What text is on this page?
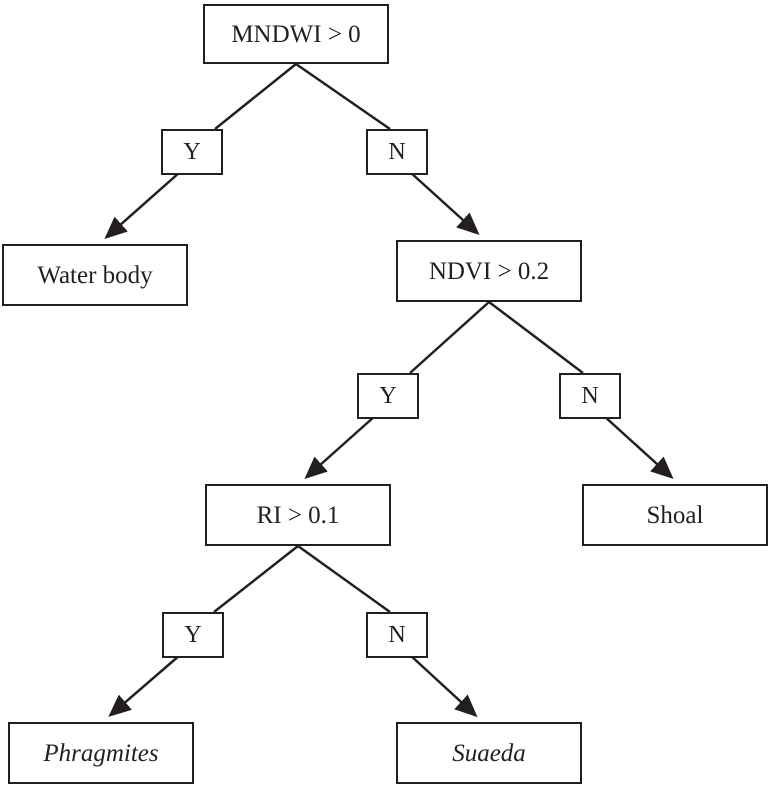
MNDWI > 0
Water body	NDVI > 0.2
Shoal
RI > 0.1
Phragmites	Suaeda
Y	N
Y	N
Y	N
